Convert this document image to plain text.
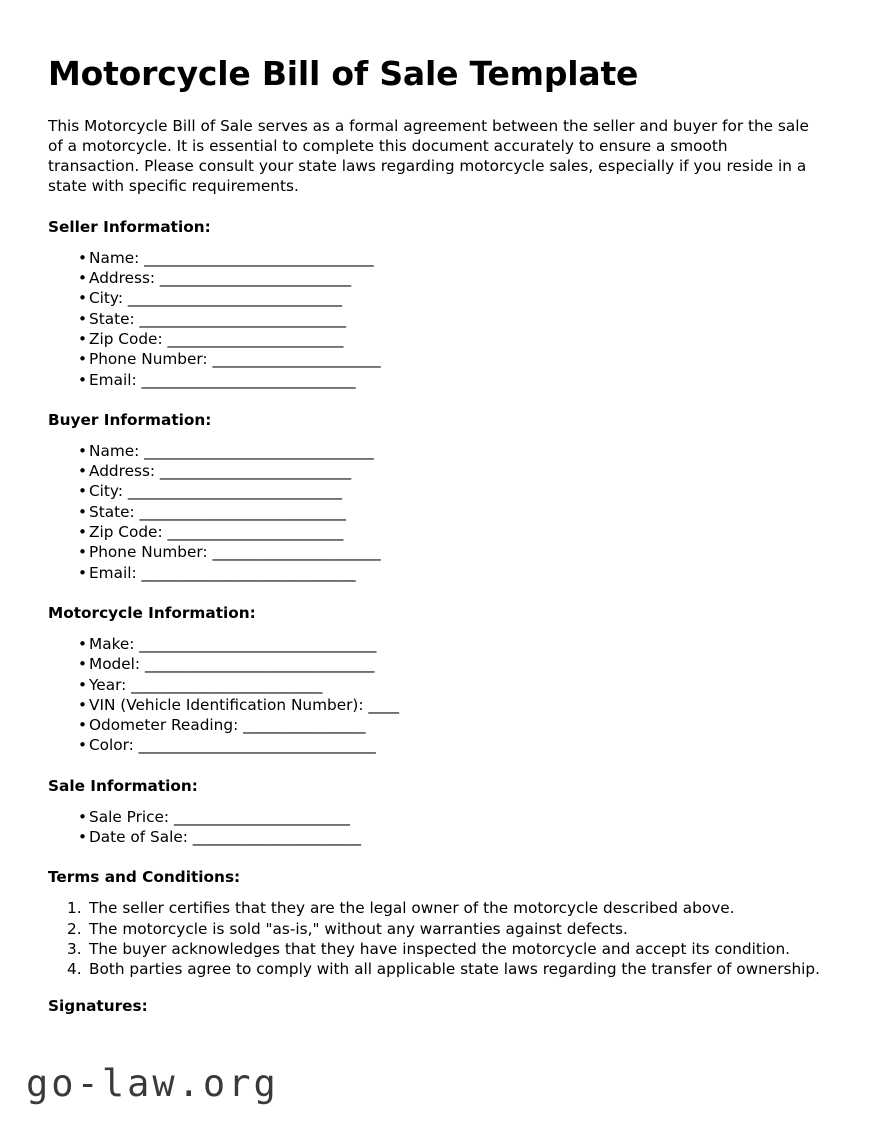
Motorcycle Bill of Sale Template

This Motorcycle Bill of Sale serves as a formal agreement between the seller and buyer for the sale of a motorcycle. It is essential to complete this document accurately to ensure a smooth transaction. Please consult your state laws regarding motorcycle sales, especially if you reside in a state with specific requirements.

Seller Information:
• Name: ______________________________
• Address: _________________________
• City: ____________________________
• State: ___________________________
• Zip Code: _______________________
• Phone Number: ______________________
• Email: ____________________________
Buyer Information:
• Name: ______________________________
• Address: _________________________
• City: ____________________________
• State: ___________________________
• Zip Code: _______________________
• Phone Number: ______________________
• Email: ____________________________
Motorcycle Information:
• Make: _______________________________
• Model: ______________________________
• Year: _________________________
• VIN (Vehicle Identification Number): ____
• Odometer Reading: ________________
• Color: _______________________________
Sale Information:
• Sale Price: _______________________
• Date of Sale: ______________________
Terms and Conditions:
The seller certifies that they are the legal owner of the motorcycle described above.
The motorcycle is sold "as-is," without any warranties against defects.
The buyer acknowledges that they have inspected the motorcycle and accept its condition.
Both parties agree to comply with all applicable state laws regarding the transfer of ownership.
Signatures:
go-law.org
